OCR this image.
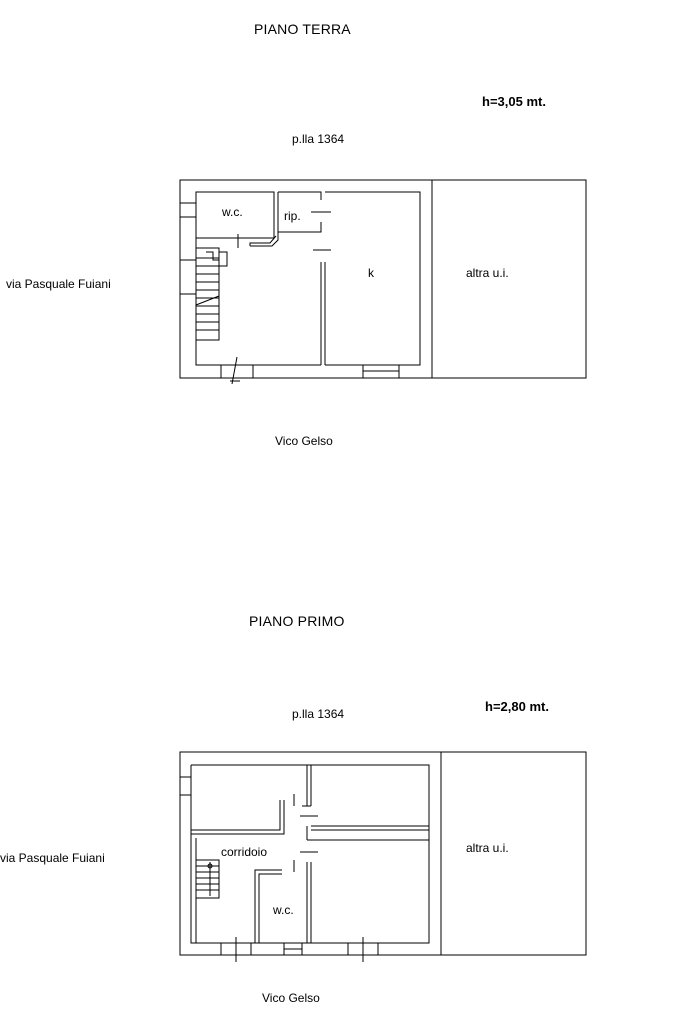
PIANO TERRA
h=3,05 mt.
p.lla 1364
via Pasquale Fuiani
Vico Gelso
w.c.	rip.
k	altra u.i.
PIANO PRIMO
h=2,80 mt.
p.lla 1364
via Pasquale Fuiani
Vico Gelso
corridoio
w.c.
altra u.i.
